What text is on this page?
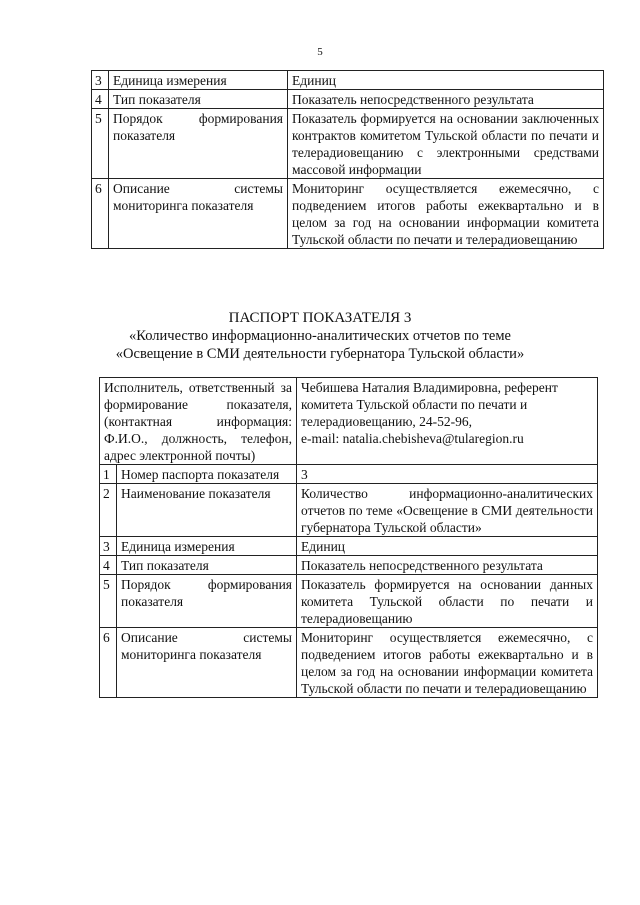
5
3	Единица измерения	Единиц
4	Тип показателя	Показатель непосредственного результата
5	Порядок формирования показателя	Показатель формируется на основании заключенных контрактов комитетом Тульской области по печати и телерадиовещанию с электронными средствами массовой информации
6	Описание системы мониторинга показателя	Мониторинг осуществляется ежемесячно, с подведением итогов работы ежеквартально и в целом за год на основании информации комитета Тульской области по печати и телерадиовещанию
ПАСПОРТ ПОКАЗАТЕЛЯ 3
«Количество информационно-аналитических отчетов по теме
«Освещение в СМИ деятельности губернатора Тульской области»
Исполнитель, ответственный за формирование показателя, (контактная информация: Ф.И.О., должность, телефон, адрес электронной почты)		Чебишева Наталия Владимировна, референт комитета Тульской области по печати и телерадиовещанию, 24-52-96,
e-mail: natalia.chebisheva@tularegion.ru

1	Номер паспорта показателя	3
2	Наименование показателя	Количество информационно-аналитических отчетов по теме «Освещение в СМИ деятельности губернатора Тульской области»
3	Единица измерения	Единиц
4	Тип показателя	Показатель непосредственного результата
5	Порядок формирования показателя	Показатель формируется на основании данных комитета Тульской области по печати и телерадиовещанию
6	Описание системы мониторинга показателя	Мониторинг осуществляется ежемесячно, с подведением итогов работы ежеквартально и в целом за год на основании информации комитета Тульской области по печати и телерадиовещанию
